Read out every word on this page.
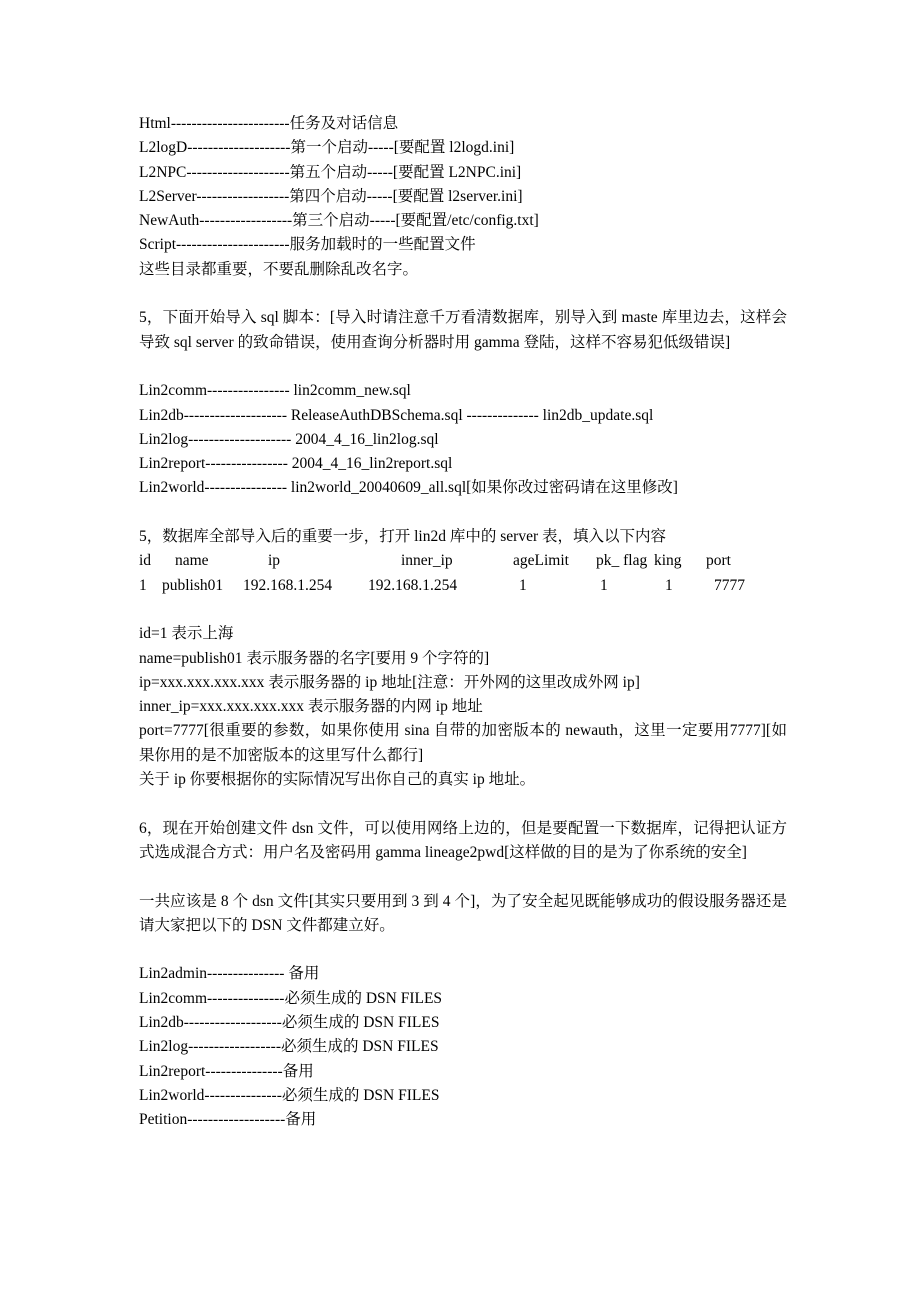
Html-----------------------任务及对话信息
L2logD--------------------第一个启动-----[要配置 l2logd.ini]
L2NPC--------------------第五个启动-----[要配置 L2NPC.ini]
L2Server------------------第四个启动-----[要配置 l2server.ini]
NewAuth------------------第三个启动-----[要配置/etc/config.txt]
Script----------------------服务加载时的一些配置文件
这些目录都重要，不要乱删除乱改名字。
5，下面开始导入 sql 脚本：[导入时请注意千万看清数据库，别导入到 maste 库里边去，这样会导致 sql server 的致命错误，使用查询分析器时用 gamma 登陆，这样不容易犯低级错误]
Lin2comm---------------- lin2comm_new.sql
Lin2db-------------------- ReleaseAuthDBSchema.sql -------------- lin2db_update.sql
Lin2log-------------------- 2004_4_16_lin2log.sql
Lin2report---------------- 2004_4_16_lin2report.sql
Lin2world---------------- lin2world_20040609_all.sql[如果你改过密码请在这里修改]
5，数据库全部导入后的重要一步，打开 lin2d 库中的 server 表，填入以下内容
id name	ip	inner_ip	ageLimit pk_ flag king port
1 publish01 192.168.1.254 192.168.1.254	1	1	1	7777
id=1 表示上海
name=publish01 表示服务器的名字[要用 9 个字符的]
ip=xxx.xxx.xxx.xxx 表示服务器的 ip 地址[注意：开外网的这里改成外网 ip]
inner_ip=xxx.xxx.xxx.xxx 表示服务器的内网 ip 地址
port=7777[很重要的参数，如果你使用 sina 自带的加密版本的 newauth，这里一定要用7777][如果你用的是不加密版本的这里写什么都行]
关于 ip 你要根据你的实际情况写出你自己的真实 ip 地址。
6，现在开始创建文件 dsn 文件，可以使用网络上边的，但是要配置一下数据库，记得把认证方式选成混合方式：用户名及密码用 gamma lineage2pwd[这样做的目的是为了你系统的安全]
一共应该是 8 个 dsn 文件[其实只要用到 3 到 4 个]，为了安全起见既能够成功的假设服务器还是请大家把以下的 DSN 文件都建立好。
Lin2admin--------------- 备用
Lin2comm---------------必须生成的 DSN FILES
Lin2db-------------------必须生成的 DSN FILES
Lin2log------------------必须生成的 DSN FILES
Lin2report---------------备用
Lin2world---------------必须生成的 DSN FILES
Petition-------------------备用
